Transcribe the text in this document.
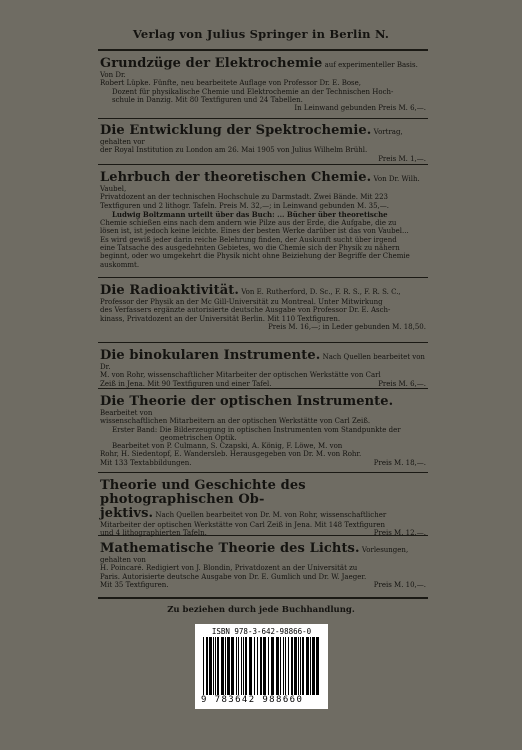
Verlag von Julius Springer in Berlin N.
Grundzüge der Elektrochemie auf experimenteller Basis. Von Dr.
Robert Lüpke. Fünfte, neu bearbeitete Auflage von Professor Dr. E. Bose,
Dozent für physikalische Chemie und Elektrochemie an der Technischen Hoch-
schule in Danzig. Mit 80 Textfiguren und 24 Tabellen.
In Leinwand gebunden Preis M. 6,—.
Die Entwicklung der Spektrochemie. Vortrag, gehalten vor
der Royal Institution zu London am 26. Mai 1905 von Julius Wilhelm Brühl.
Preis M. 1,—.
Lehrbuch der theoretischen Chemie. Von Dr. Wilh. Vaubel,
Privatdozent an der technischen Hochschule zu Darmstadt. Zwei Bände. Mit 223
Textfiguren und 2 lithogr. Tafeln. Preis M. 32,—; in Leinwand gebunden M. 35,—.
Ludwig Boltzmann urteilt über das Buch: ... Bücher über theoretische
Chemie schießen eins nach dem andern wie Pilze aus der Erde, die Aufgabe, die zu
lösen ist, ist jedoch keine leichte. Eines der besten Werke darüber ist das von Vaubel...
Es wird gewiß jeder darin reiche Belehrung finden, der Auskunft sucht über irgend
eine Tatsache des ausgedehnten Gebietes, wo die Chemie sich der Physik zu nähern
beginnt, oder wo umgekehrt die Physik nicht ohne Beiziehung der Begriffe der Chemie
auskommt.
Die Radioaktivität. Von E. Rutherford, D. Sc., F. R. S., F. R. S. C.,
Professor der Physik an der Mc Gill-Universität zu Montreal. Unter Mitwirkung
des Verfassers ergänzte autorisierte deutsche Ausgabe von Professor Dr. E. Asch-
kinass, Privatdozent an der Universität Berlin. Mit 110 Textfiguren.
Preis M. 16,—; in Leder gebunden M. 18,50.
Die binokularen Instrumente. Nach Quellen bearbeitet von Dr.
M. von Rohr, wissenschaftlicher Mitarbeiter der optischen Werkstätte von Carl
Zeiß in Jena. Mit 90 Textfiguren und einer Tafel.	Preis M. 6,—.
Die Theorie der optischen Instrumente. Bearbeitet von
wissenschaftlichen Mitarbeitern an der optischen Werkstätte von Carl Zeiß.
Erster Band: Die Bilderzeugung in optischen Instrumenten vom Standpunkte der
geometrischen Optik.
Bearbeitet von P. Culmann, S. Czapski, A. König, F. Löwe, M. von
Rohr, H. Siedentopf, E. Wandersleb. Herausgegeben von Dr. M. von Rohr.
Mit 133 Textabbildungen.	Preis M. 18,—.
Theorie und Geschichte des photographischen Ob-
jektivs. Nach Quellen bearbeitet von Dr. M. von Rohr, wissenschaftlicher
Mitarbeiter der optischen Werkstätte von Carl Zeiß in Jena. Mit 148 Textfiguren
und 4 lithographierten Tafeln.	Preis M. 12,—.
Mathematische Theorie des Lichts. Vorlesungen, gehalten von
H. Poincaré. Redigiert von J. Blondin, Privatdozent an der Universität zu
Paris. Autorisierte deutsche Ausgabe von Dr. E. Gumlich und Dr. W. Jaeger.
Mit 35 Textfiguren.	Preis M. 10,—.
Zu beziehen durch jede Buchhandlung.
ISBN 978-3-642-98866-0
9 783642 988660
